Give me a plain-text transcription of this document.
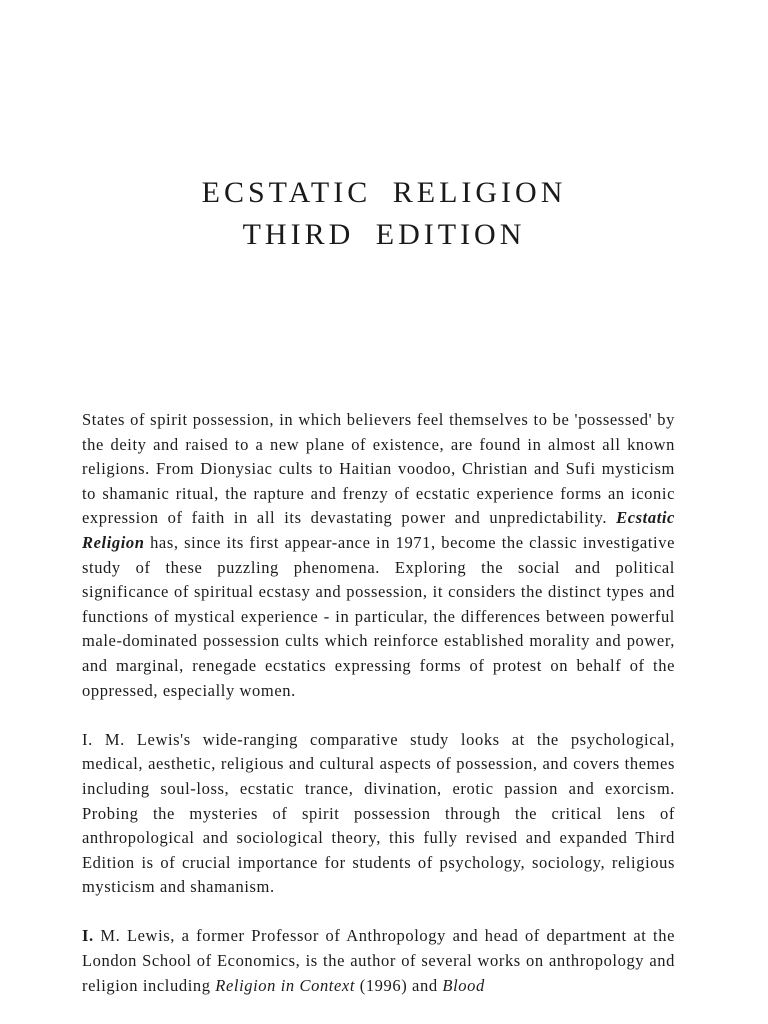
ECSTATIC RELIGION
THIRD EDITION

States of spirit possession, in which believers feel themselves to be 'possessed' by the deity and raised to a new plane of existence, are found in almost all known religions. From Dionysiac cults to Haitian voodoo, Christian and Sufi mysticism to shamanic ritual, the rapture and frenzy of ecstatic experience forms an iconic expression of faith in all its devastating power and unpredictability. Ecstatic Religion has, since its first appear-ance in 1971, become the classic investigative study of these puzzling phenomena. Exploring the social and political significance of spiritual ecstasy and possession, it considers the distinct types and functions of mystical experience - in particular, the differences between powerful male-dominated possession cults which reinforce established morality and power, and marginal, renegade ecstatics expressing forms of protest on behalf of the oppressed, especially women.

I. M. Lewis's wide-ranging comparative study looks at the psychological, medical, aesthetic, religious and cultural aspects of possession, and covers themes including soul-loss, ecstatic trance, divination, erotic passion and exorcism. Probing the mysteries of spirit possession through the critical lens of anthropological and sociological theory, this fully revised and expanded Third Edition is of crucial importance for students of psychology, sociology, religious mysticism and shamanism.

I. M. Lewis, a former Professor of Anthropology and head of department at the London School of Economics, is the author of several works on anthropology and religion including Religion in Context (1996) and Blood
